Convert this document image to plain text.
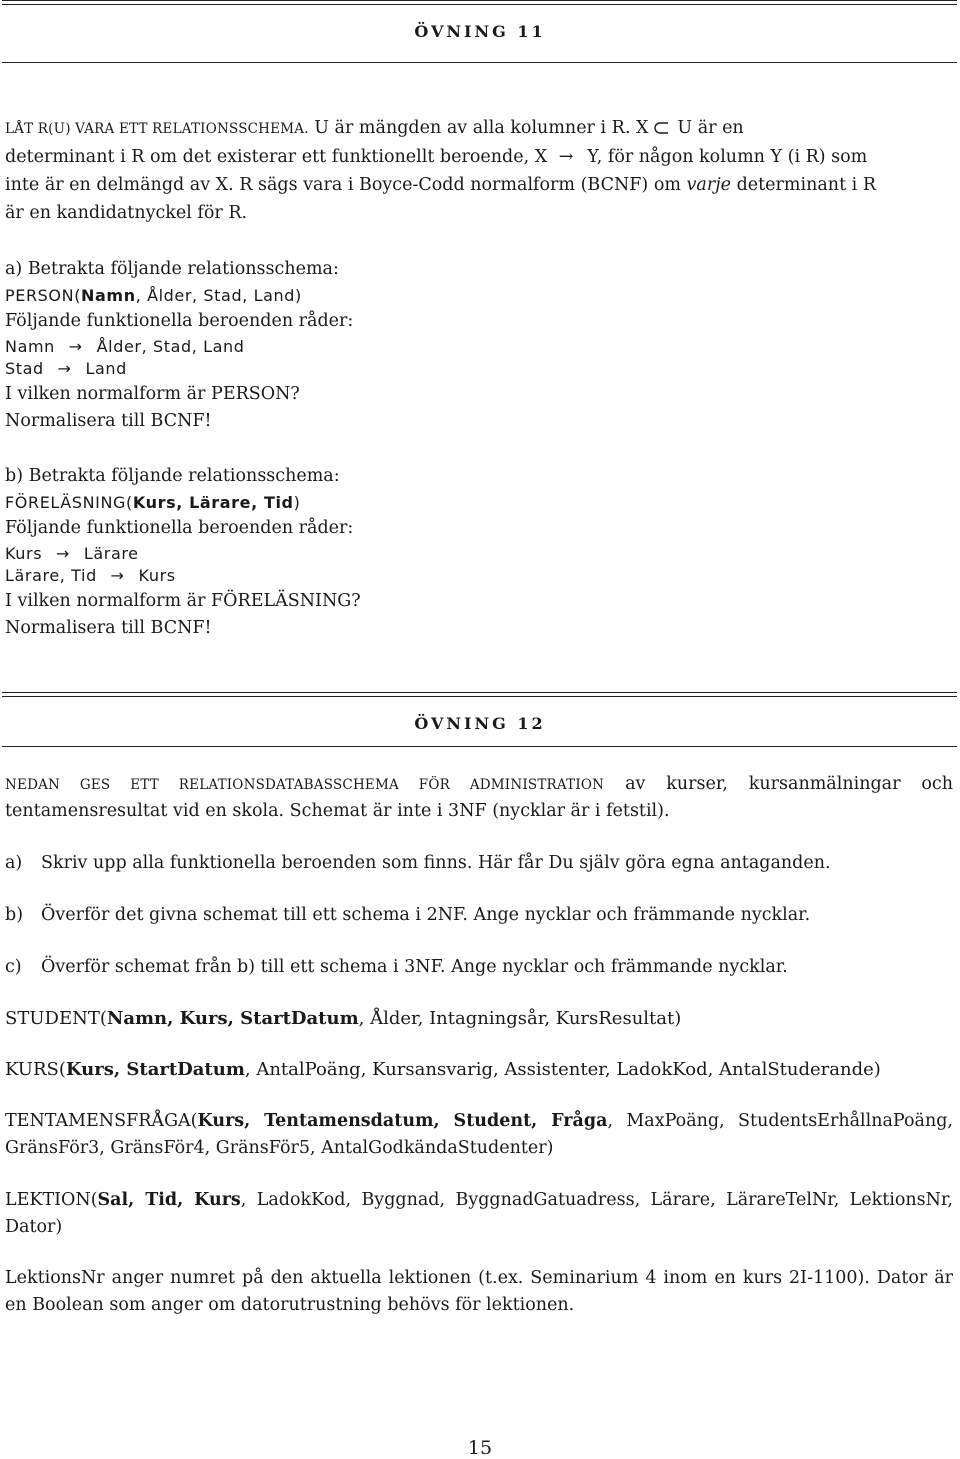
ÖVNING 11
LÅT R(U) VARA ETT RELATIONSSCHEMA. U är mängden av alla kolumner i R. X U är en
determinant i R om det existerar ett funktionellt beroende, X → Y, för någon kolumn Y (i R) som
inte är en delmängd av X. R sägs vara i Boyce-Codd normalform (BCNF) om varje determinant i R
är en kandidatnyckel för R.
a) Betrakta följande relationsschema:
PERSON(Namn, Ålder, Stad, Land)
Följande funktionella beroenden råder:
Namn → Ålder, Stad, Land
Stad → Land
I vilken normalform är PERSON?
Normalisera till BCNF!
b) Betrakta följande relationsschema:
FÖRELÄSNING(Kurs, Lärare, Tid)
Följande funktionella beroenden råder:
Kurs → Lärare
Lärare, Tid → Kurs
I vilken normalform är FÖRELÄSNING?
Normalisera till BCNF!
ÖVNING 12
NEDAN GES ETT RELATIONSDATABASSCHEMA FÖR ADMINISTRATION av kurser, kursanmälningar och
tentamensresultat vid en skola. Schemat är inte i 3NF (nycklar är i fetstil).
a) Skriv upp alla funktionella beroenden som finns. Här får Du själv göra egna antaganden.
b) Överför det givna schemat till ett schema i 2NF. Ange nycklar och främmande nycklar.
c) Överför schemat från b) till ett schema i 3NF. Ange nycklar och främmande nycklar.
STUDENT(Namn, Kurs, StartDatum, Ålder, Intagningsår, KursResultat)
KURS(Kurs, StartDatum, AntalPoäng, Kursansvarig, Assistenter, LadokKod, AntalStuderande)
TENTAMENSFRÅGA(Kurs, Tentamensdatum, Student, Fråga, MaxPoäng, StudentsErhållnaPoäng,
GränsFör3, GränsFör4, GränsFör5, AntalGodkändaStudenter)
LEKTION(Sal, Tid, Kurs, LadokKod, Byggnad, ByggnadGatuadress, Lärare, LärareTelNr, LektionsNr,
Dator)
LektionsNr anger numret på den aktuella lektionen (t.ex. Seminarium 4 inom en kurs 2I-1100). Dator är
en Boolean som anger om datorutrustning behövs för lektionen.
15
